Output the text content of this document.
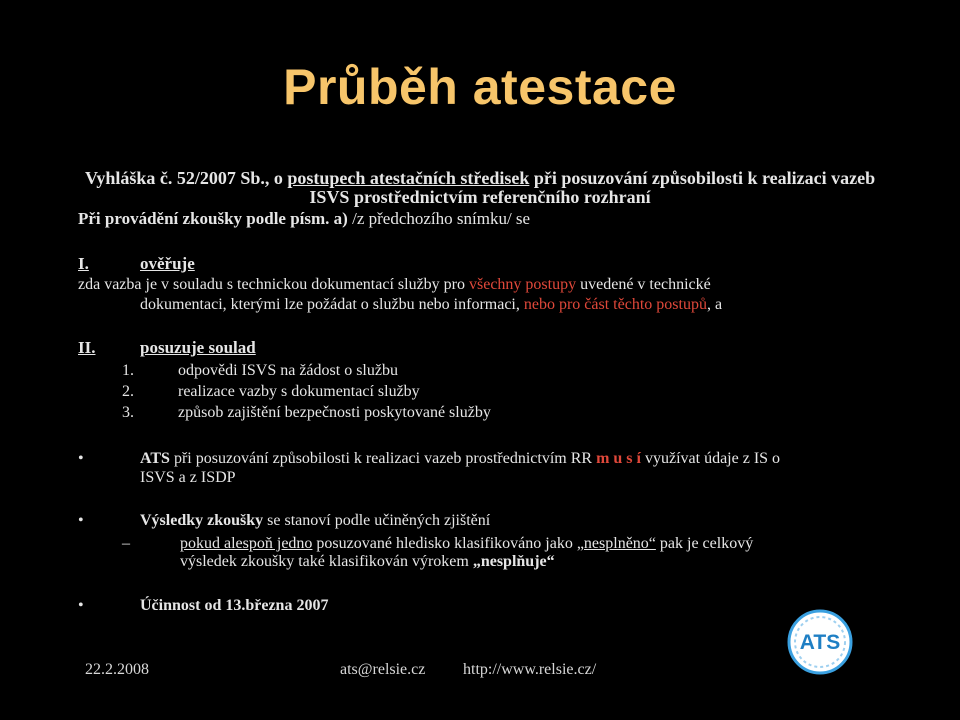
Průběh atestace
Vyhláška č. 52/2007 Sb., o postupech atestačních středisek při posuzování způsobilosti k realizaci vazeb
ISVS prostřednictvím referenčního rozhraní
Při provádění zkoušky podle písm. a) /z předchozího snímku/ se
I.	ověřuje
zda vazba je v souladu s technickou dokumentací služby pro všechny postupy uvedené v technické
dokumentaci, kterými lze požádat o službu nebo informaci, nebo pro část těchto postupů, a
II.	posuzuje soulad
1.	odpovědi ISVS na žádost o službu
2.	realizace vazby s dokumentací služby
3.	způsob zajištění bezpečnosti poskytované služby
•	ATS při posuzování způsobilosti k realizaci vazeb prostřednictvím RR m u s í využívat údaje z IS o
ISVS a z ISDP
•	Výsledky zkoušky se stanoví podle učiněných zjištění
–	pokud alespoň jedno posuzované hledisko klasifikováno jako „nesplněno“ pak je celkový
výsledek zkoušky také klasifikován výrokem „nesplňuje“
•	Účinnost od 13.března 2007
ATS
22.2.2008	ats@relsie.cz http://www.relsie.cz/
